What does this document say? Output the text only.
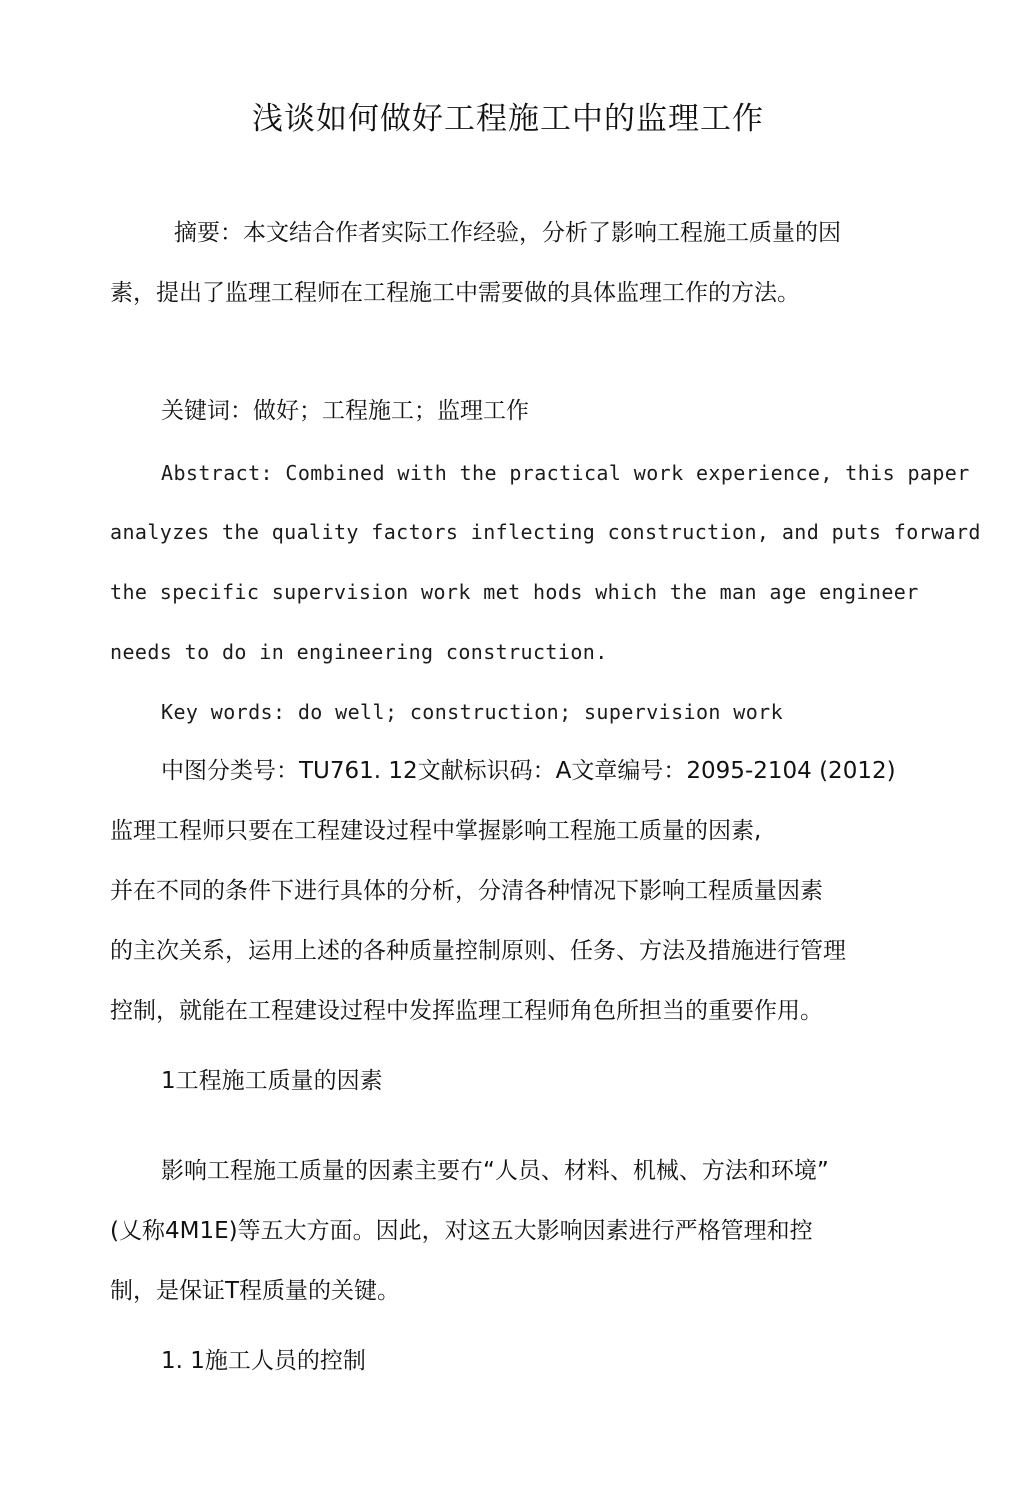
浅谈如何做好工程施工中的监理工作
摘要：本文结合作者实际工作经验，分析了影响工程施工质量的因
素，提出了监理工程师在工程施工中需要做的具体监理工作的方法。
关键词：做好；工程施工；监理工作
Abstract: Combined with the practical work experience, this paper
analyzes the quality factors inflecting construction, and puts forward
the specific supervision work met hods which the man age engineer
needs to do in engineering construction.
Key words: do well; construction; supervision work
中图分类号：TU761. 12文献标识码：A文章编号：2095-2104 (2012)
监理工程师只要在工程建设过程中掌握影响工程施工质量的因素,
并在不同的条件下进行具体的分析，分清各种情况下影响工程质量因素
的主次关系，运用上述的各种质量控制原则、任务、方法及措施进行管理
控制，就能在工程建设过程中发挥监理工程师角色所担当的重要作用。
1工程施工质量的因素
影响工程施工质量的因素主要冇“人员、材料、机械、方法和环境”
(乂称4M1E)等五大方面。因此，对这五大影响因素进行严格管理和控
制，是保证T程质量的关键。
1. 1施工人员的控制
